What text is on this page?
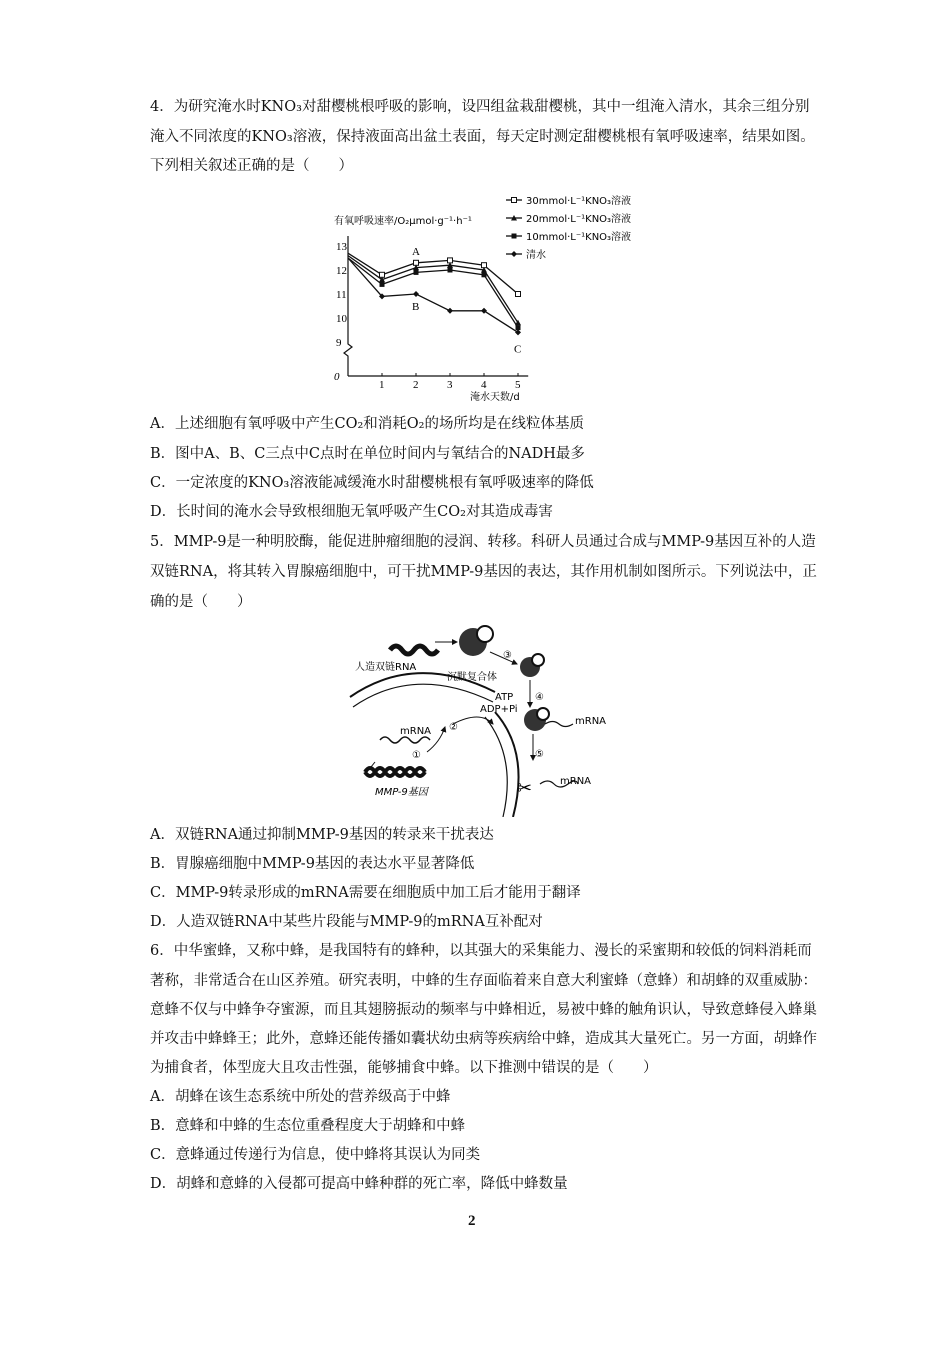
4．为研究淹水时KNO₃对甜樱桃根呼吸的影响，设四组盆栽甜樱桃，其中一组淹入清水，其余三组分别
淹入不同浓度的KNO₃溶液，保持液面高出盆土表面，每天定时测定甜樱桃根有氧呼吸速率，结果如图。
下列相关叙述正确的是（　　）
0
1	2	3	4	5
9
10
11
12
13
有氧呼吸速率/O₂μmol·g⁻¹·h⁻¹
淹水天数/d
A
B
C
30mmol·L⁻¹KNO₃溶液
20mmol·L⁻¹KNO₃溶液
10mmol·L⁻¹KNO₃溶液
清水
A．上述细胞有氧呼吸中产生CO₂和消耗O₂的场所均是在线粒体基质
B．图中A、B、C三点中C点时在单位时间内与氧结合的NADH最多
C．一定浓度的KNO₃溶液能减缓淹水时甜樱桃根有氧呼吸速率的降低
D．长时间的淹水会导致根细胞无氧呼吸产生CO₂对其造成毒害
5．MMP-9是一种明胶酶，能促进肿瘤细胞的浸润、转移。科研人员通过合成与MMP-9基因互补的人造
双链RNA，将其转入胃腺癌细胞中，可干扰MMP-9基因的表达，其作用机制如图所示。下列说法中，正
确的是（　　）
✂
人造双链RNA
沉默复合体
ATP
ADP+Pi
mRNA
mRNA
mRNA
MMP-9基因
①
②
③
④
⑤
A．双链RNA通过抑制MMP-9基因的转录来干扰表达
B．胃腺癌细胞中MMP-9基因的表达水平显著降低
C．MMP-9转录形成的mRNA需要在细胞质中加工后才能用于翻译
D．人造双链RNA中某些片段能与MMP-9的mRNA互补配对
6．中华蜜蜂，又称中蜂，是我国特有的蜂种，以其强大的采集能力、漫长的采蜜期和较低的饲料消耗而
著称，非常适合在山区养殖。研究表明，中蜂的生存面临着来自意大利蜜蜂（意蜂）和胡蜂的双重威胁：
意蜂不仅与中蜂争夺蜜源，而且其翅膀振动的频率与中蜂相近，易被中蜂的触角识认，导致意蜂侵入蜂巢
并攻击中蜂蜂王；此外，意蜂还能传播如囊状幼虫病等疾病给中蜂，造成其大量死亡。另一方面，胡蜂作
为捕食者，体型庞大且攻击性强，能够捕食中蜂。以下推测中错误的是（　　）
A．胡蜂在该生态系统中所处的营养级高于中蜂
B．意蜂和中蜂的生态位重叠程度大于胡蜂和中蜂
C．意蜂通过传递行为信息，使中蜂将其误认为同类
D．胡蜂和意蜂的入侵都可提高中蜂种群的死亡率，降低中蜂数量
2
